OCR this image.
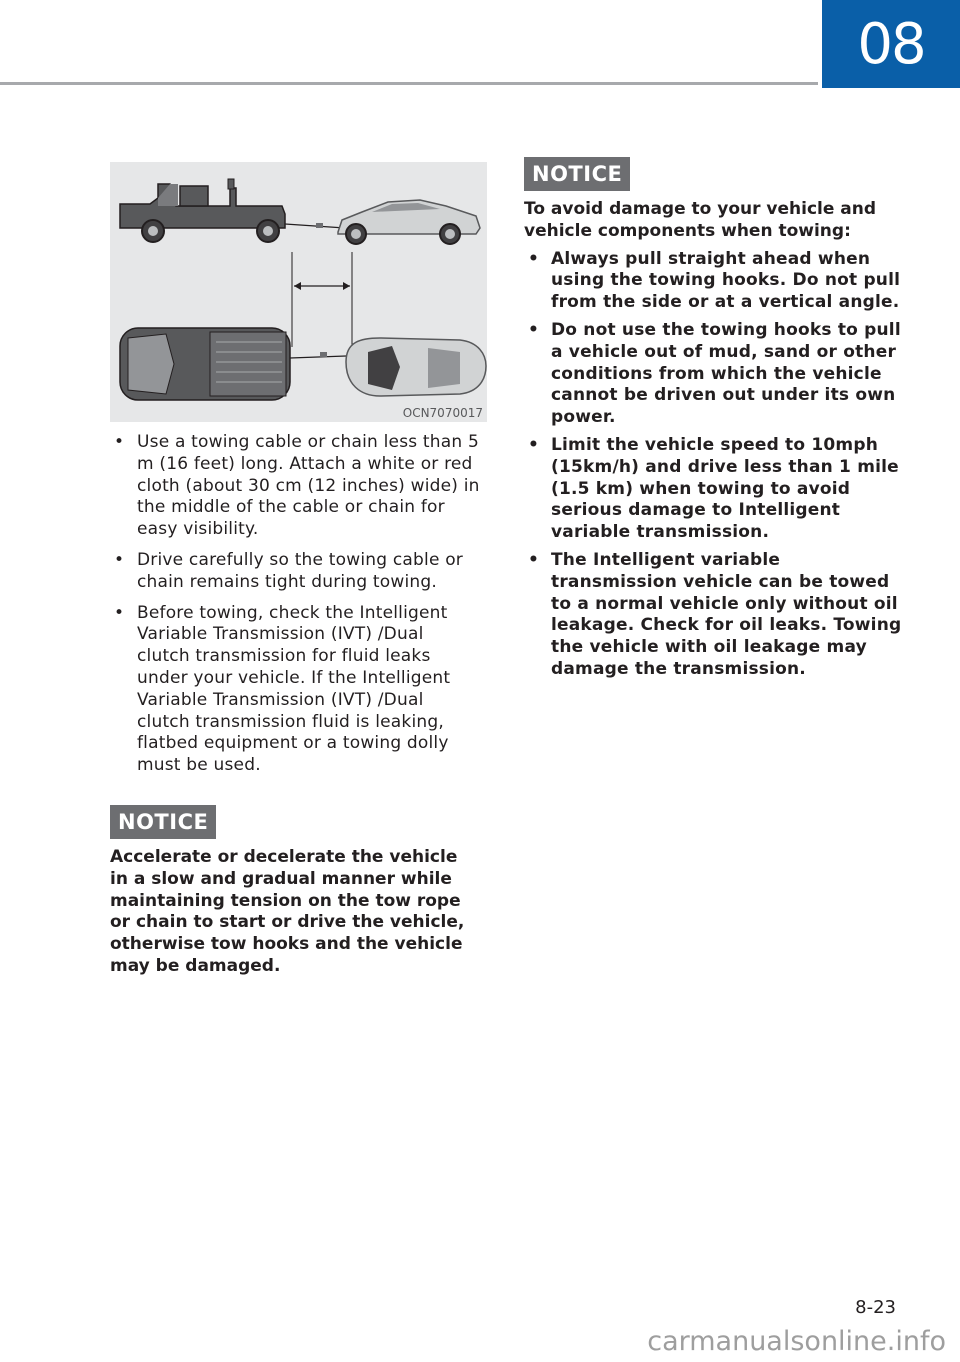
08
OCN7070017
• Use a towing cable or chain less than 5 m (16 feet) long. Attach a white or red cloth (about 30 cm (12 inches) wide) in the middle of the cable or chain for easy visibility.
• Drive carefully so the towing cable or chain remains tight during towing.
• Before towing, check the Intelligent Variable Transmission (IVT) /Dual clutch transmission for fluid leaks under your vehicle. If the Intelligent Variable Transmission (IVT) /Dual clutch transmission fluid is leaking, flatbed equipment or a towing dolly must be used.
NOTICE
Accelerate or decelerate the vehicle in a slow and gradual manner while maintaining tension on the tow rope or chain to start or drive the vehicle, otherwise tow hooks and the vehicle may be damaged.
NOTICE
To avoid damage to your vehicle and vehicle components when towing:
• Always pull straight ahead when using the towing hooks. Do not pull from the side or at a vertical angle.
• Do not use the towing hooks to pull a vehicle out of mud, sand or other conditions from which the vehicle cannot be driven out under its own power.
• Limit the vehicle speed to 10mph (15km/h) and drive less than 1 mile (1.5 km) when towing to avoid serious damage to Intelligent variable transmission.
• The Intelligent variable transmission vehicle can be towed to a normal vehicle only without oil leakage. Check for oil leaks. Towing the vehicle with oil leakage may damage the transmission.
8-23
carmanualsonline.info
